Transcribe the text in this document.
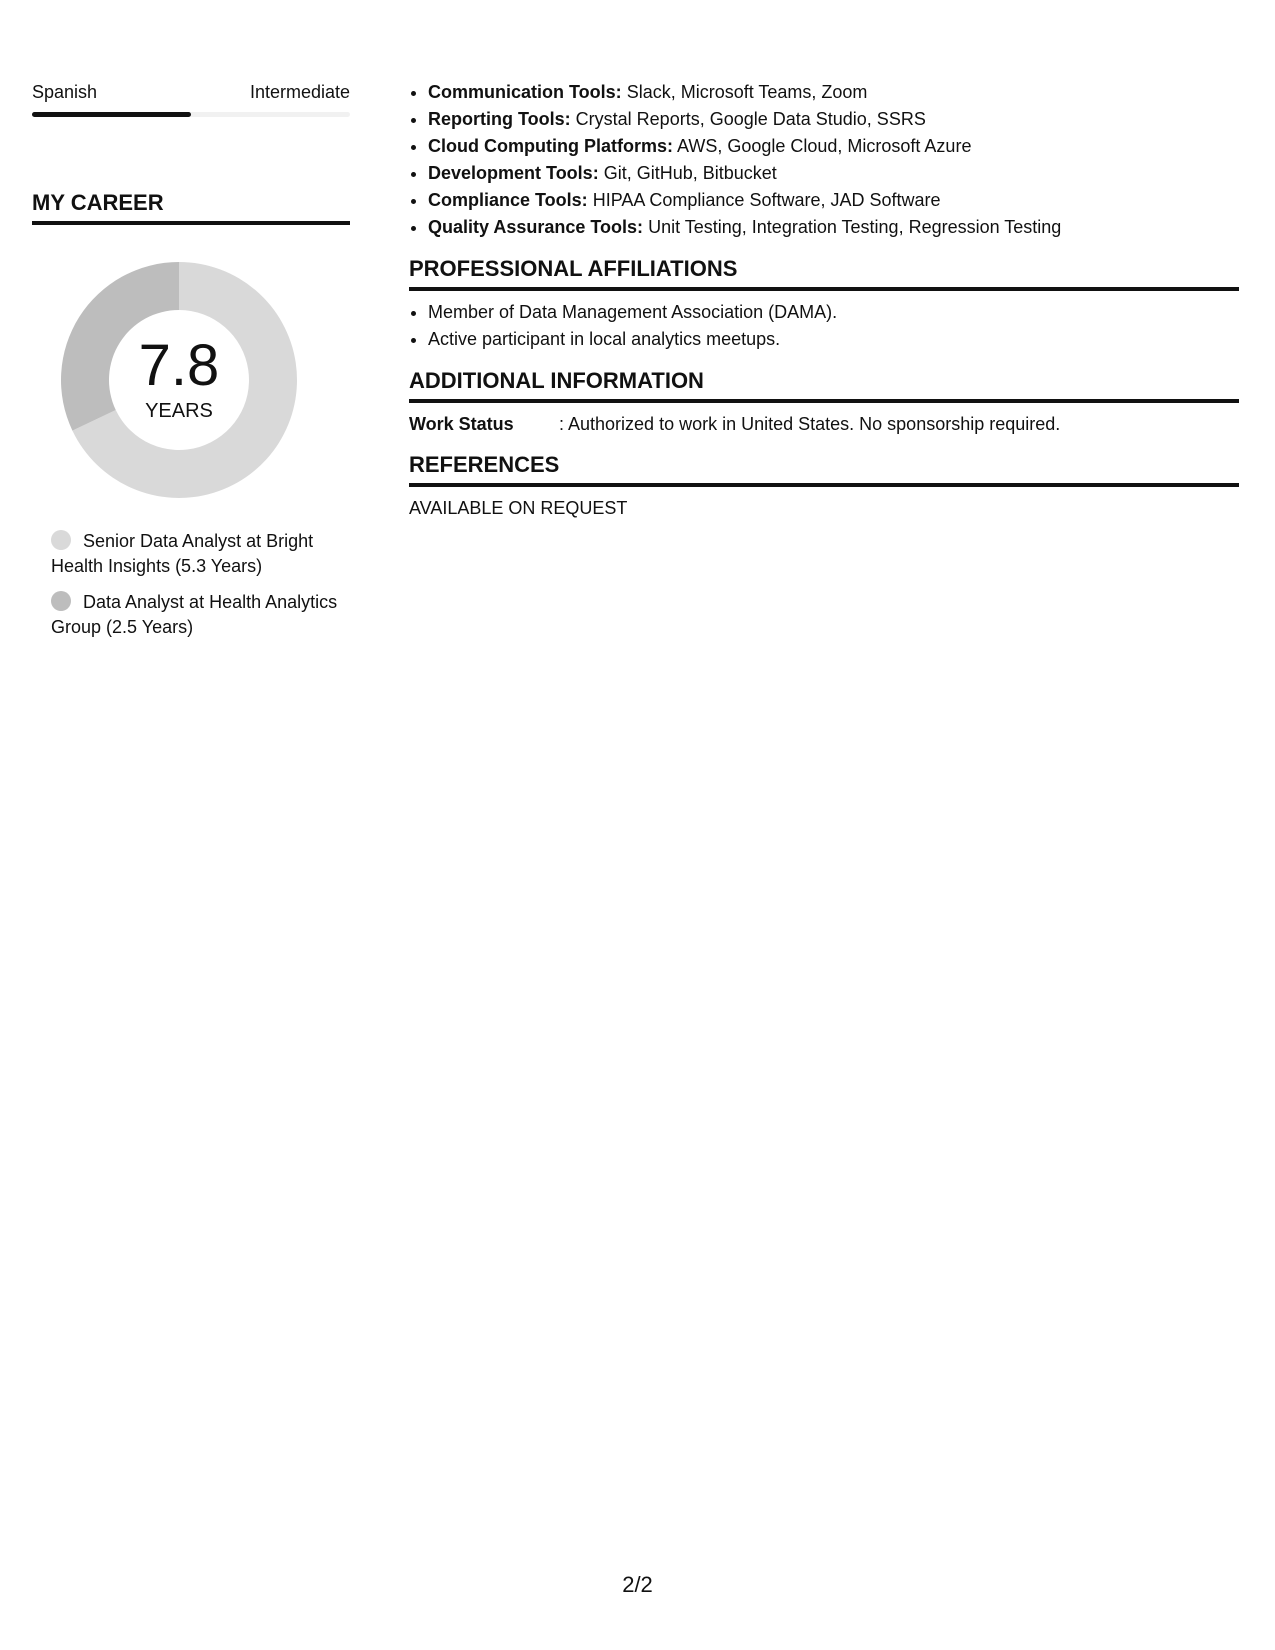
Spanish	Intermediate
MY CAREER
7.8
YEARS
Senior Data Analyst at Bright Health Insights (5.3 Years)
Data Analyst at Health Analytics Group (2.5 Years)
• Communication Tools: Slack, Microsoft Teams, Zoom
• Reporting Tools: Crystal Reports, Google Data Studio, SSRS
• Cloud Computing Platforms: AWS, Google Cloud, Microsoft Azure
• Development Tools: Git, GitHub, Bitbucket
• Compliance Tools: HIPAA Compliance Software, JAD Software
• Quality Assurance Tools: Unit Testing, Integration Testing, Regression Testing
PROFESSIONAL AFFILIATIONS
• Member of Data Management Association (DAMA).
• Active participant in local analytics meetups.
ADDITIONAL INFORMATION
Work Status	: Authorized to work in United States. No sponsorship required.
REFERENCES
AVAILABLE ON REQUEST
2/2
